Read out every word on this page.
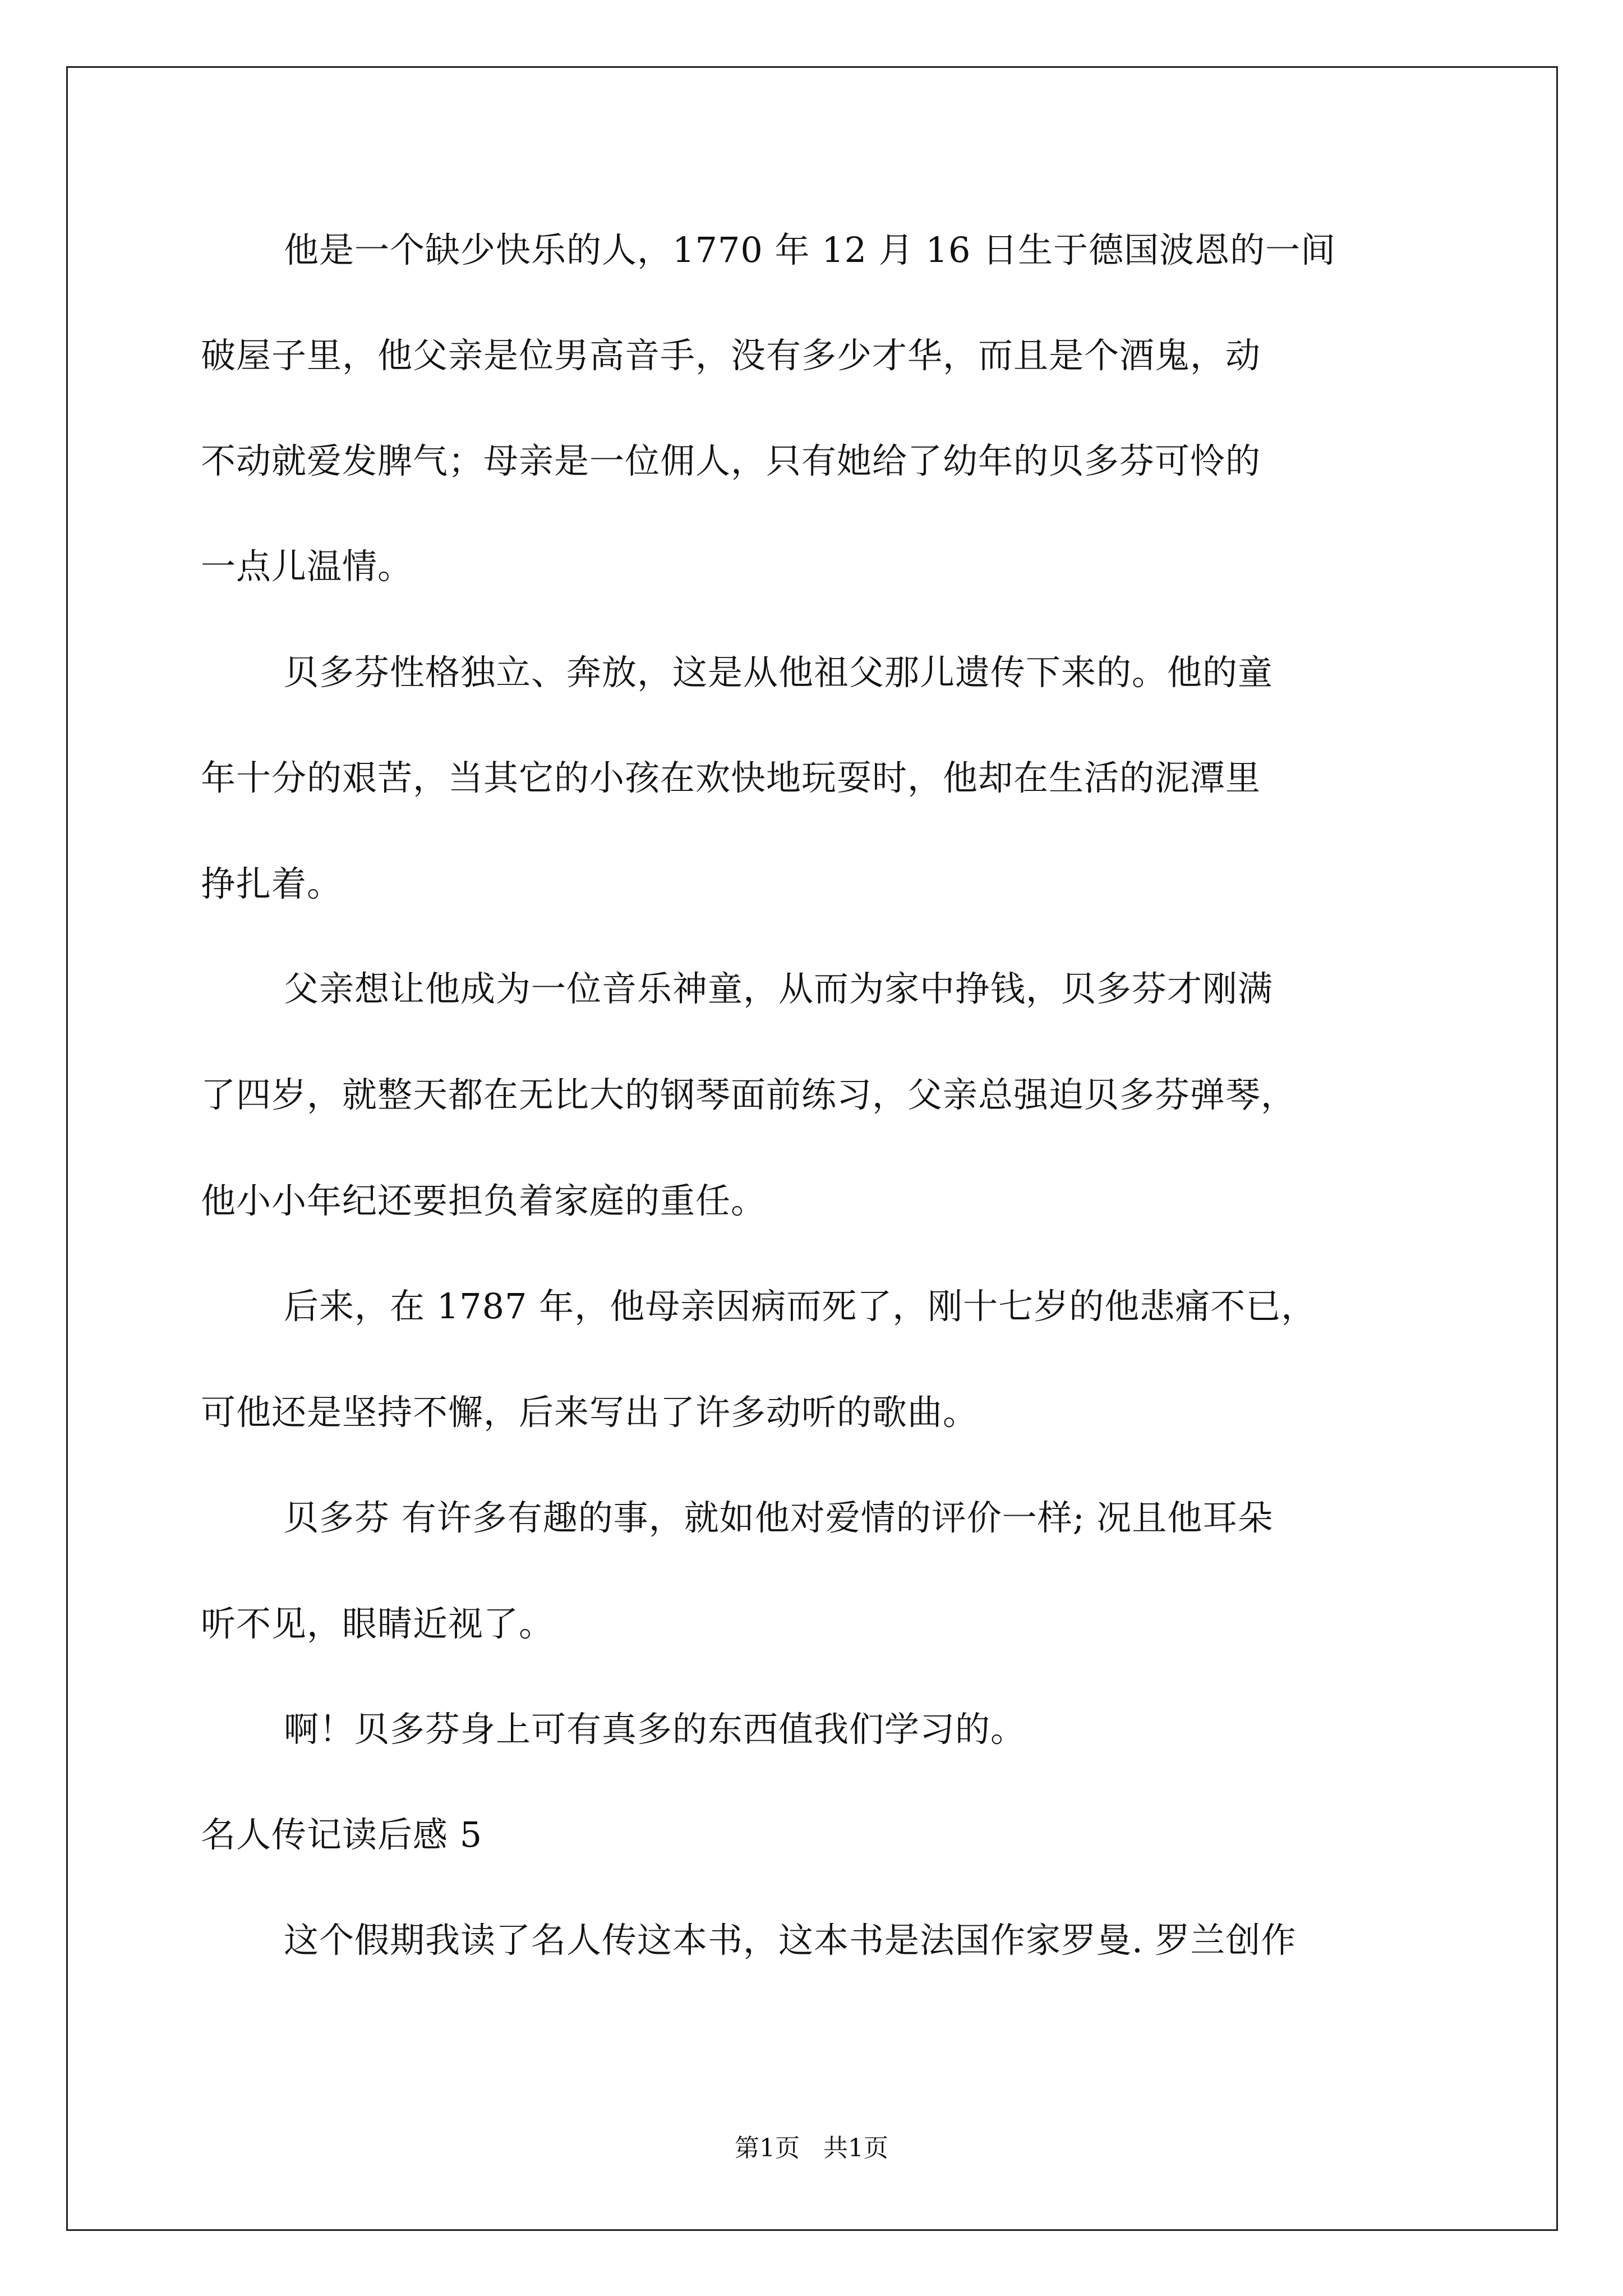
他是一个缺少快乐的人，1770 年 12 月 16 日生于德国波恩的一间
破屋子里，他父亲是位男高音手，没有多少才华，而且是个酒鬼，动
不动就爱发脾气；母亲是一位佣人，只有她给了幼年的贝多芬可怜的
一点儿温情。
贝多芬性格独立、奔放，这是从他祖父那儿遗传下来的。他的童
年十分的艰苦，当其它的小孩在欢快地玩耍时，他却在生活的泥潭里
挣扎着。
父亲想让他成为一位音乐神童，从而为家中挣钱，贝多芬才刚满
了四岁，就整天都在无比大的钢琴面前练习，父亲总强迫贝多芬弹琴，
他小小年纪还要担负着家庭的重任。
后来，在 1787 年，他母亲因病而死了，刚十七岁的他悲痛不已，
可他还是坚持不懈，后来写出了许多动听的歌曲。
贝多芬 有许多有趣的事，就如他对爱情的评价一样; 况且他耳朵
听不见，眼睛近视了。
啊！贝多芬身上可有真多的东西值我们学习的。
名人传记读后感 5
这个假期我读了名人传这本书，这本书是法国作家罗曼. 罗兰创作
第1页   共1页
